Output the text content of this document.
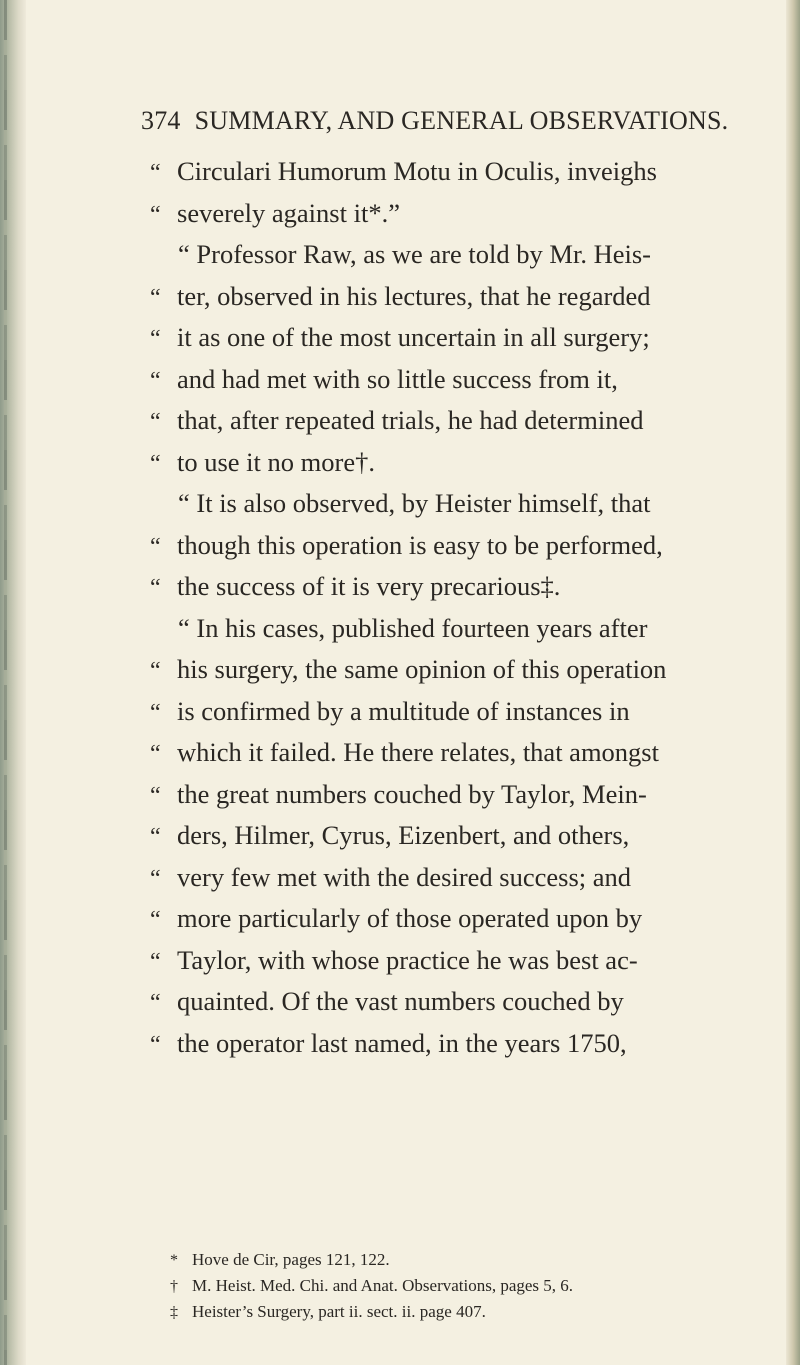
374 SUMMARY, AND GENERAL OBSERVATIONS.
“ Circulari Humorum Motu in Oculis, inveighs
“ severely against it*.”
“ Professor Raw, as we are told by Mr. Heis-
“ ter, observed in his lectures, that he regarded
“ it as one of the most uncertain in all surgery;
“ and had met with so little success from it,
“ that, after repeated trials, he had determined
“ to use it no more†.
“ It is also observed, by Heister himself, that
“ though this operation is easy to be performed,
“ the success of it is very precarious‡.
“ In his cases, published fourteen years after
“ his surgery, the same opinion of this operation
“ is confirmed by a multitude of instances in
“ which it failed. He there relates, that amongst
“ the great numbers couched by Taylor, Mein-
“ ders, Hilmer, Cyrus, Eizenbert, and others,
“ very few met with the desired success; and
“ more particularly of those operated upon by
“ Taylor, with whose practice he was best ac-
“ quainted. Of the vast numbers couched by
“ the operator last named, in the years 1750,
* Hove de Cir, pages 121, 122.
† M. Heist. Med. Chi. and Anat. Observations, pages 5, 6.
‡ Heister’s Surgery, part ii. sect. ii. page 407.
